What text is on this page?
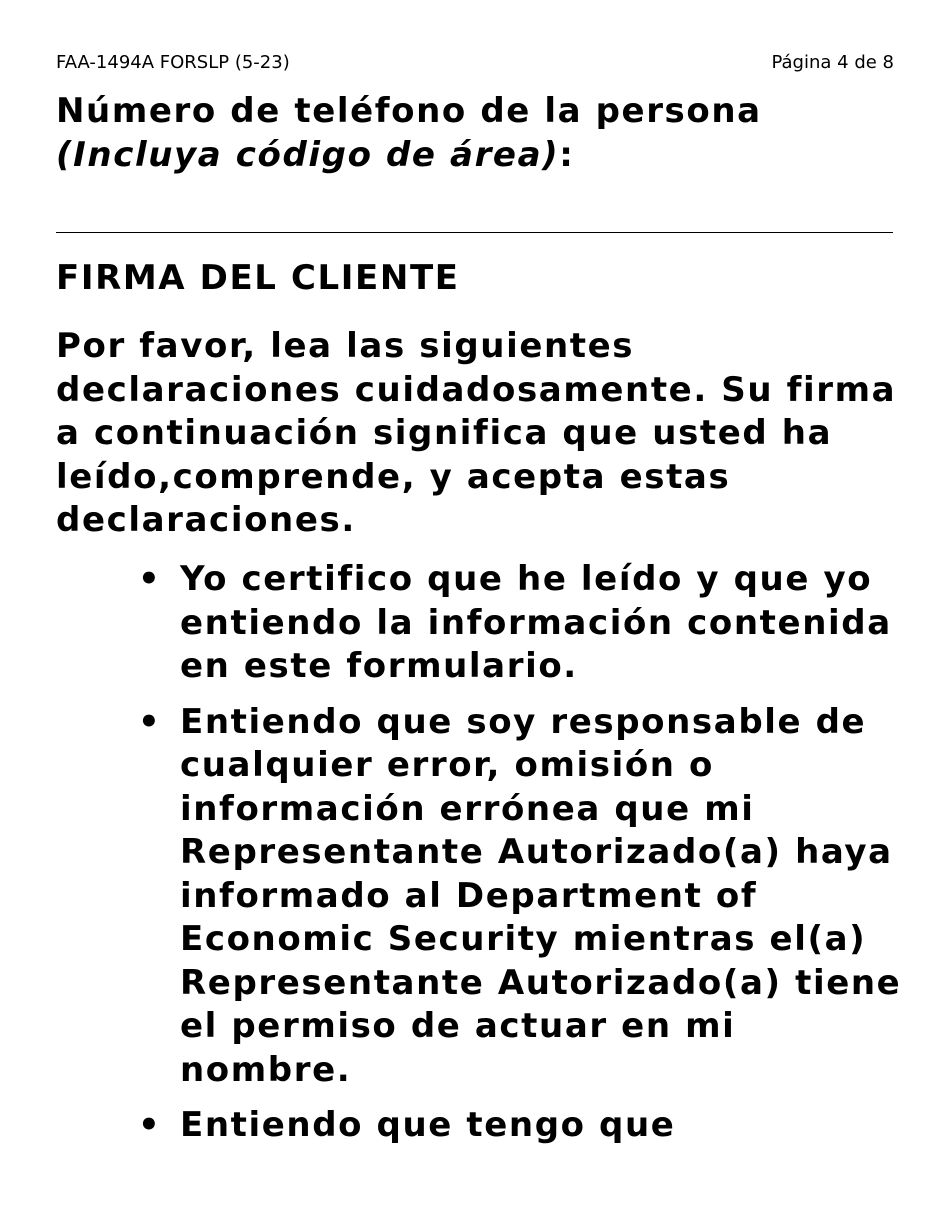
FAA-1494A FORSLP (5-23)	Página 4 de 8
Número de teléfono de la persona
(Incluya código de área):
FIRMA DEL CLIENTE
Por favor, lea las siguientes declaraciones cuidadosamente. Su firma a continuación significa que usted ha leído,comprende, y acepta estas declaraciones.
• Yo certifico que he leído y que yo entiendo la información contenida en este formulario.
• Entiendo que soy responsable de cualquier error, omisión o información errónea que mi Representante Autorizado(a) haya informado al Department of Economic Security mientras el(a) Representante Autorizado(a) tiene el permiso de actuar en mi nombre.
• Entiendo que tengo que
